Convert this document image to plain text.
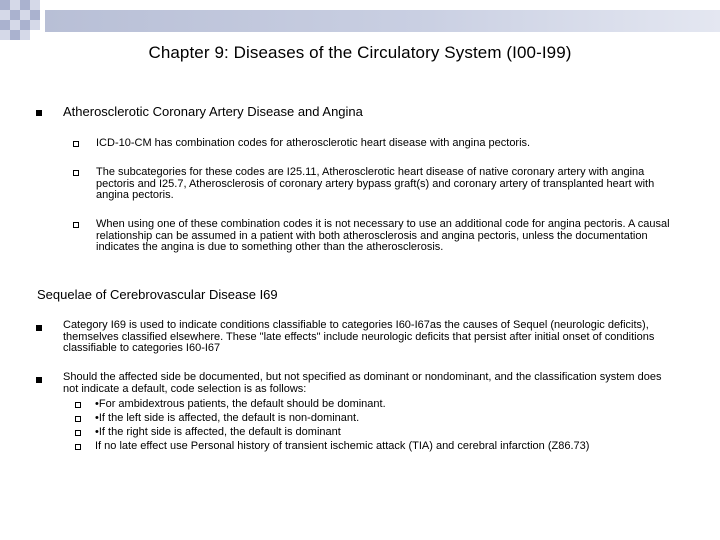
Chapter 9: Diseases of the Circulatory System (I00-I99)
Atherosclerotic Coronary Artery Disease and Angina
ICD-10-CM has combination codes for atherosclerotic heart disease with angina pectoris.
The subcategories for these codes are I25.11, Atherosclerotic heart disease of native coronary artery with angina pectoris and I25.7, Atherosclerosis of coronary artery bypass graft(s) and coronary artery of transplanted heart with angina pectoris.
When using one of these combination codes it is not necessary to use an additional code for angina pectoris. A causal relationship can be assumed in a patient with both atherosclerosis and angina pectoris, unless the documentation indicates the angina is due to something other than the atherosclerosis.
Sequelae of Cerebrovascular Disease I69
Category I69 is used to indicate conditions classifiable to categories I60-I67as the causes of Sequel (neurologic deficits), themselves classified elsewhere. These "late effects" include neurologic deficits that persist after initial onset of conditions classifiable to categories I60-I67
Should the affected side be documented, but not specified as dominant or nondominant, and the classification system does not indicate a default, code selection is as follows:
•For ambidextrous patients, the default should be dominant.
•If the left side is affected, the default is non-dominant.
•If the right side is affected, the default is dominant
If no late effect use Personal history of transient ischemic attack (TIA) and cerebral infarction (Z86.73)
